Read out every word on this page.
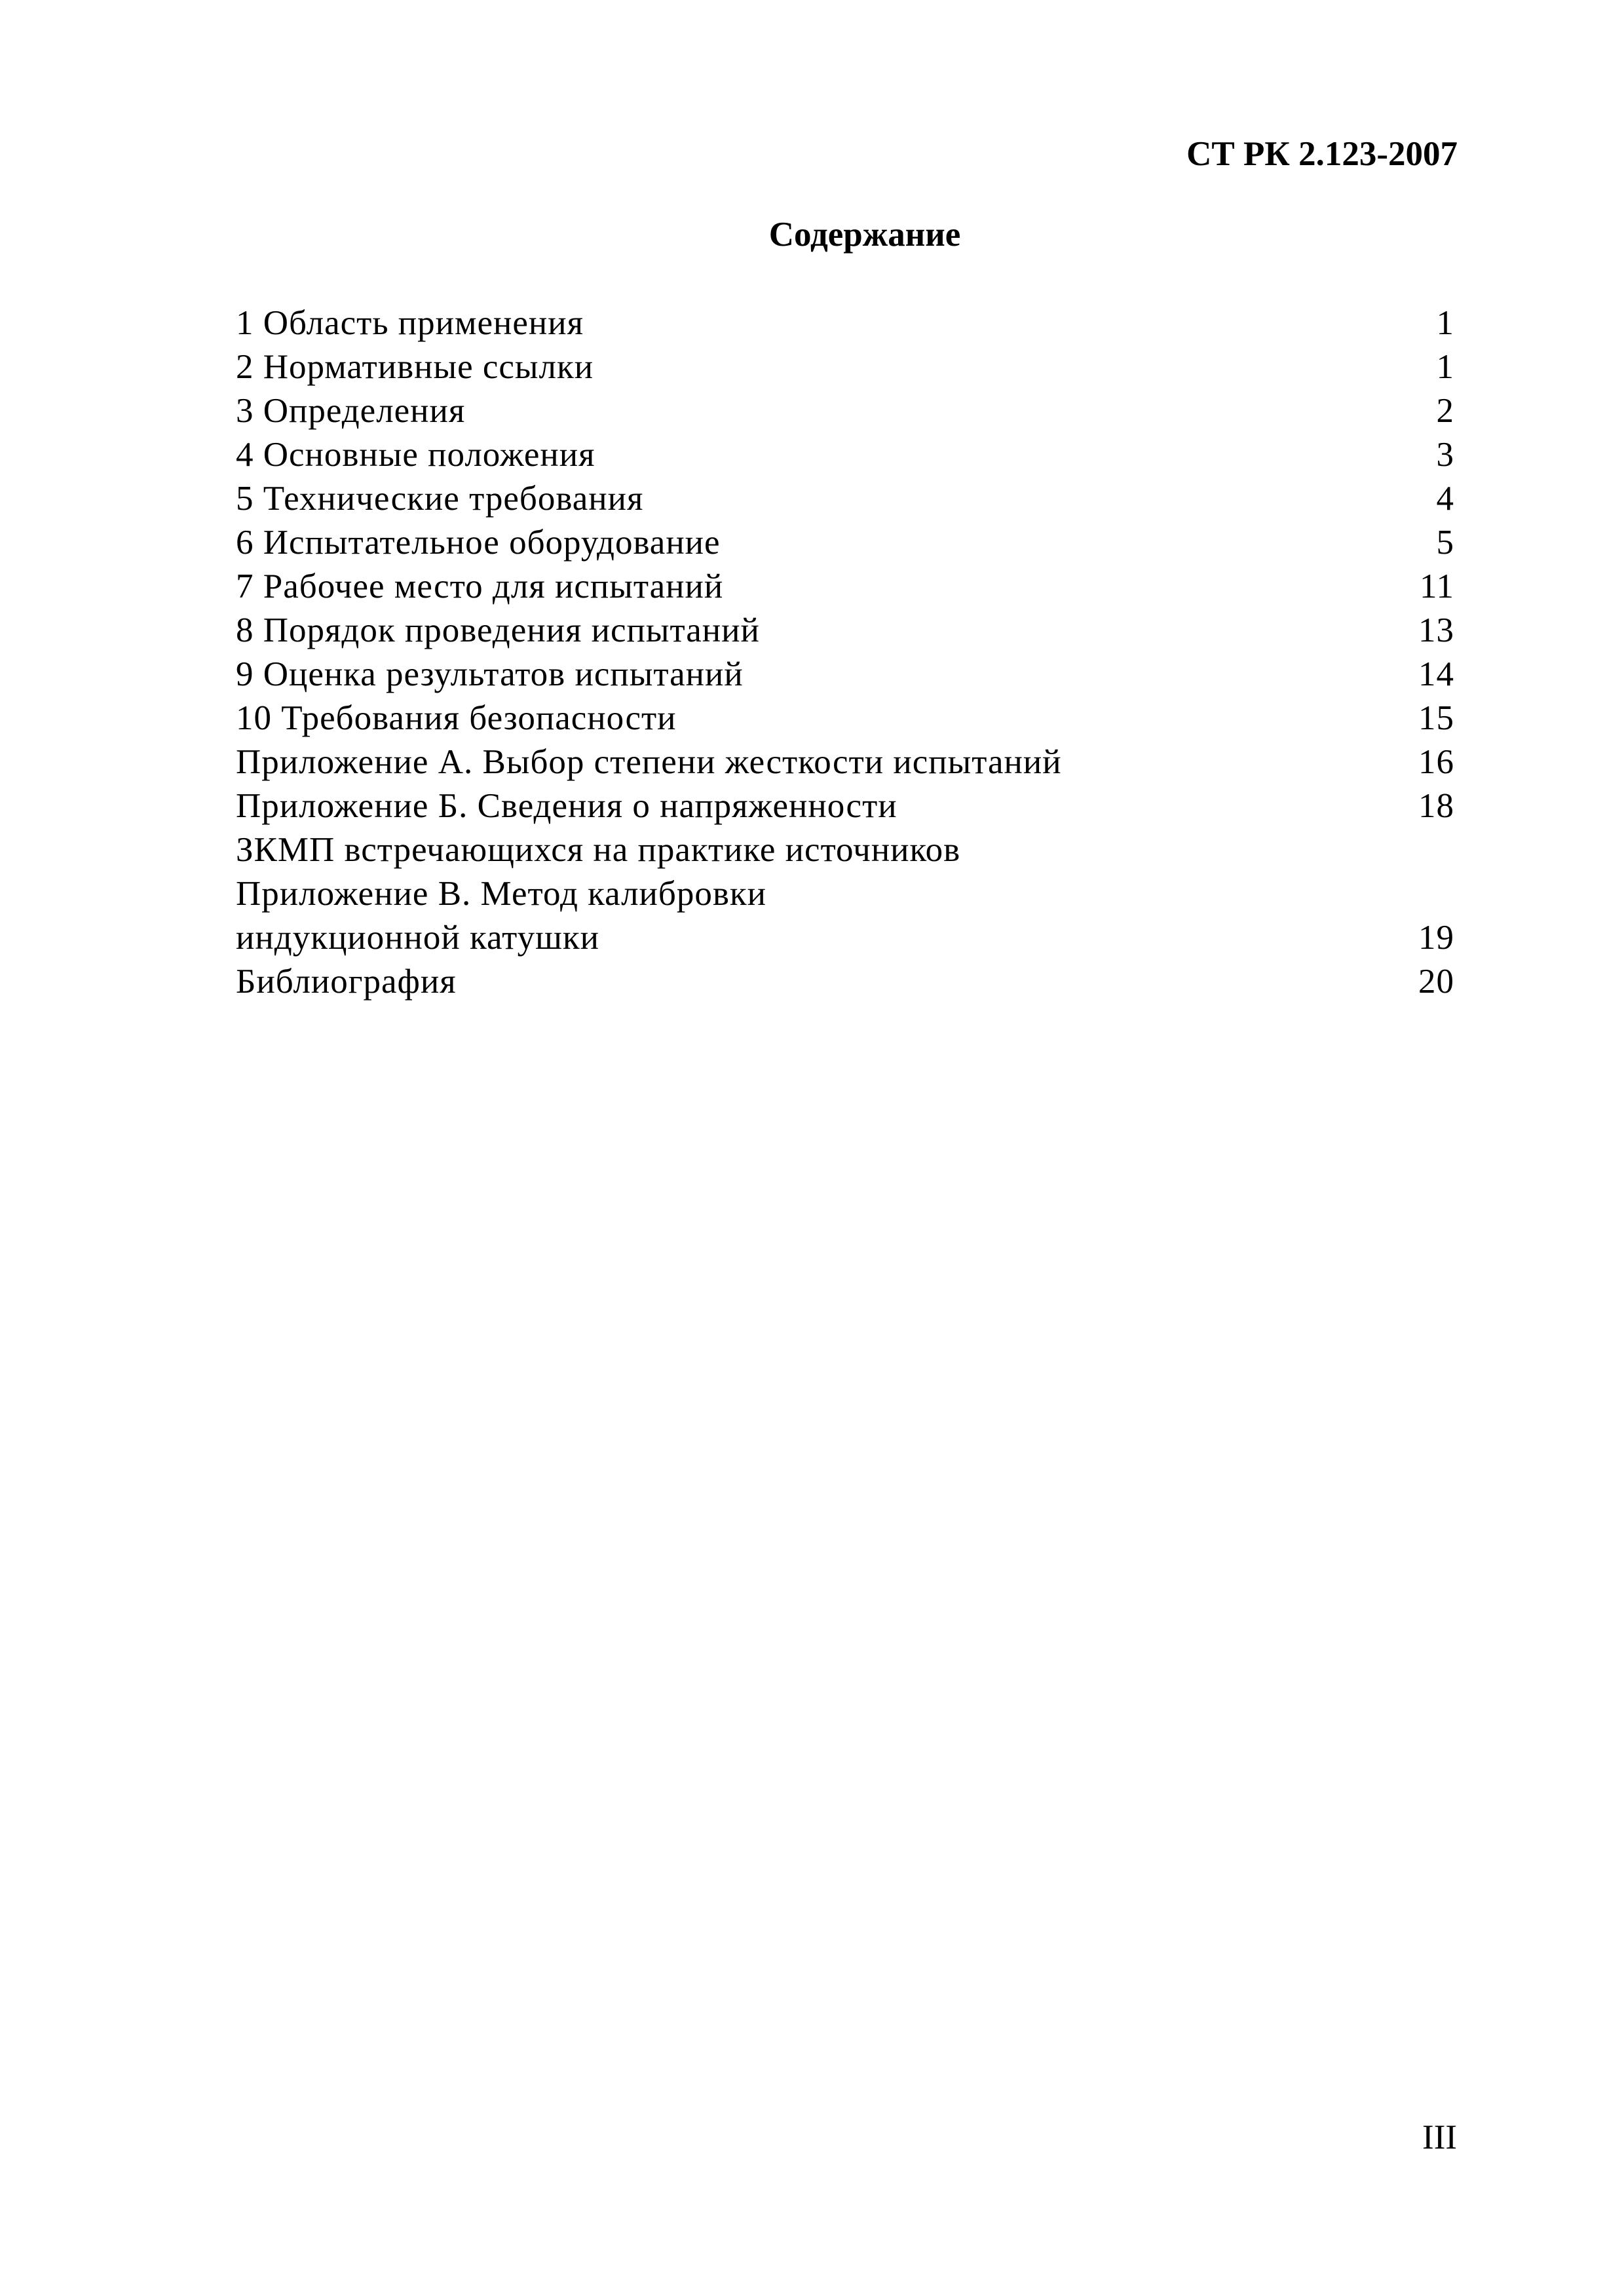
СТ РК 2.123-2007
Содержание
1 Область применения	1
2 Нормативные ссылки	1
3 Определения	2
4 Основные положения	3
5 Технические требования	4
6 Испытательное оборудование	5
7 Рабочее место для испытаний	11
8 Порядок проведения испытаний	13
9 Оценка результатов испытаний	14
10 Требования безопасности	15
Приложение А. Выбор степени жесткости испытаний	16
Приложение Б. Сведения о напряженности	18
ЗКМП встречающихся на практике источников
Приложение В. Метод калибровки
индукционной катушки	19
Библиография	20
III
